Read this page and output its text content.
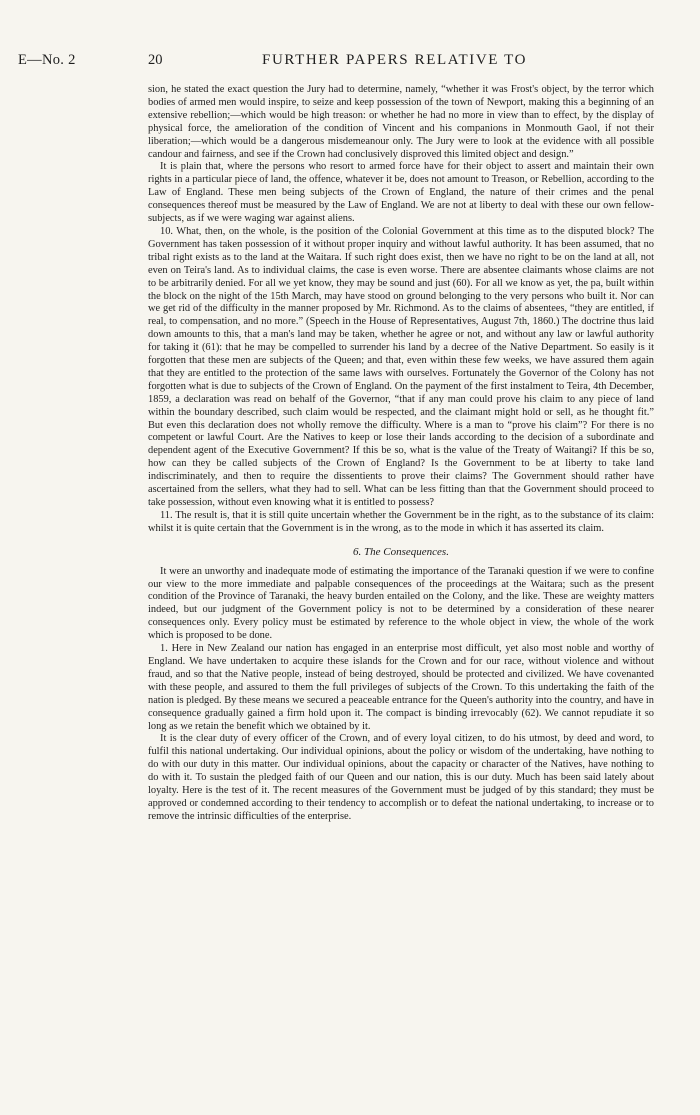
E—No. 2	20	FURTHER PAPERS RELATIVE TO

sion, he stated the exact question the Jury had to determine, namely, “whether it was Frost's object, by the terror which bodies of armed men would inspire, to seize and keep possession of the town of Newport, making this a beginning of an extensive rebellion;—which would be high treason: or whether he had no more in view than to effect, by the display of physical force, the amelioration of the condition of Vincent and his companions in Monmouth Gaol, if not their liberation;—which would be a dangerous misdemeanour only. The Jury were to look at the evidence with all possible candour and fairness, and see if the Crown had conclusively disproved this limited object and design.”

It is plain that, where the persons who resort to armed force have for their object to assert and maintain their own rights in a particular piece of land, the offence, whatever it be, does not amount to Treason, or Rebellion, according to the Law of England. These men being subjects of the Crown of England, the nature of their crimes and the penal consequences thereof must be measured by the Law of England. We are not at liberty to deal with these our own fellow-subjects, as if we were waging war against aliens.

10. What, then, on the whole, is the position of the Colonial Government at this time as to the disputed block? The Government has taken possession of it without proper inquiry and without lawful authority. It has been assumed, that no tribal right exists as to the land at the Waitara. If such right does exist, then we have no right to be on the land at all, not even on Teira's land. As to individual claims, the case is even worse. There are absentee claimants whose claims are not to be arbitrarily denied. For all we yet know, they may be sound and just (60). For all we know as yet, the pa, built within the block on the night of the 15th March, may have stood on ground belonging to the very persons who built it. Nor can we get rid of the difficulty in the manner proposed by Mr. Richmond. As to the claims of absentees, “they are entitled, if real, to compensation, and no more.” (Speech in the House of Representatives, August 7th, 1860.) The doctrine thus laid down amounts to this, that a man's land may be taken, whether he agree or not, and without any law or lawful authority for taking it (61): that he may be compelled to surrender his land by a decree of the Native Department. So easily is it forgotten that these men are subjects of the Queen; and that, even within these few weeks, we have assured them again that they are entitled to the protection of the same laws with ourselves. Fortunately the Governor of the Colony has not forgotten what is due to subjects of the Crown of England. On the payment of the first instalment to Teira, 4th December, 1859, a declaration was read on behalf of the Governor, “that if any man could prove his claim to any piece of land within the boundary described, such claim would be respected, and the claimant might hold or sell, as he thought fit.” But even this declaration does not wholly remove the difficulty. Where is a man to “prove his claim”? For there is no competent or lawful Court. Are the Natives to keep or lose their lands according to the decision of a subordinate and dependent agent of the Executive Government? If this be so, what is the value of the Treaty of Waitangi? If this be so, how can they be called subjects of the Crown of England? Is the Government to be at liberty to take land indiscriminately, and then to require the dissentients to prove their claims? The Government should rather have ascertained from the sellers, what they had to sell. What can be less fitting than that the Government should proceed to take possession, without even knowing what it is entitled to possess?

11. The result is, that it is still quite uncertain whether the Government be in the right, as to the substance of its claim: whilst it is quite certain that the Government is in the wrong, as to the mode in which it has asserted its claim.

6. The Consequences.

It were an unworthy and inadequate mode of estimating the importance of the Taranaki question if we were to confine our view to the more immediate and palpable consequences of the proceedings at the Waitara; such as the present condition of the Province of Taranaki, the heavy burden entailed on the Colony, and the like. These are weighty matters indeed, but our judgment of the Government policy is not to be determined by a consideration of these nearer consequences only. Every policy must be estimated by reference to the whole object in view, the whole of the work which is proposed to be done.

1. Here in New Zealand our nation has engaged in an enterprise most difficult, yet also most noble and worthy of England. We have undertaken to acquire these islands for the Crown and for our race, without violence and without fraud, and so that the Native people, instead of being destroyed, should be protected and civilized. We have covenanted with these people, and assured to them the full privileges of subjects of the Crown. To this undertaking the faith of the nation is pledged. By these means we secured a peaceable entrance for the Queen's authority into the country, and have in consequence gradually gained a firm hold upon it. The compact is binding irrevocably (62). We cannot repudiate it so long as we retain the benefit which we obtained by it.

It is the clear duty of every officer of the Crown, and of every loyal citizen, to do his utmost, by deed and word, to fulfil this national undertaking. Our individual opinions, about the policy or wisdom of the undertaking, have nothing to do with our duty in this matter. Our individual opinions, about the capacity or character of the Natives, have nothing to do with it. To sustain the pledged faith of our Queen and our nation, this is our duty. Much has been said lately about loyalty. Here is the test of it. The recent measures of the Government must be judged of by this standard; they must be approved or condemned according to their tendency to accomplish or to defeat the national undertaking, to increase or to remove the intrinsic difficulties of the enterprise.
